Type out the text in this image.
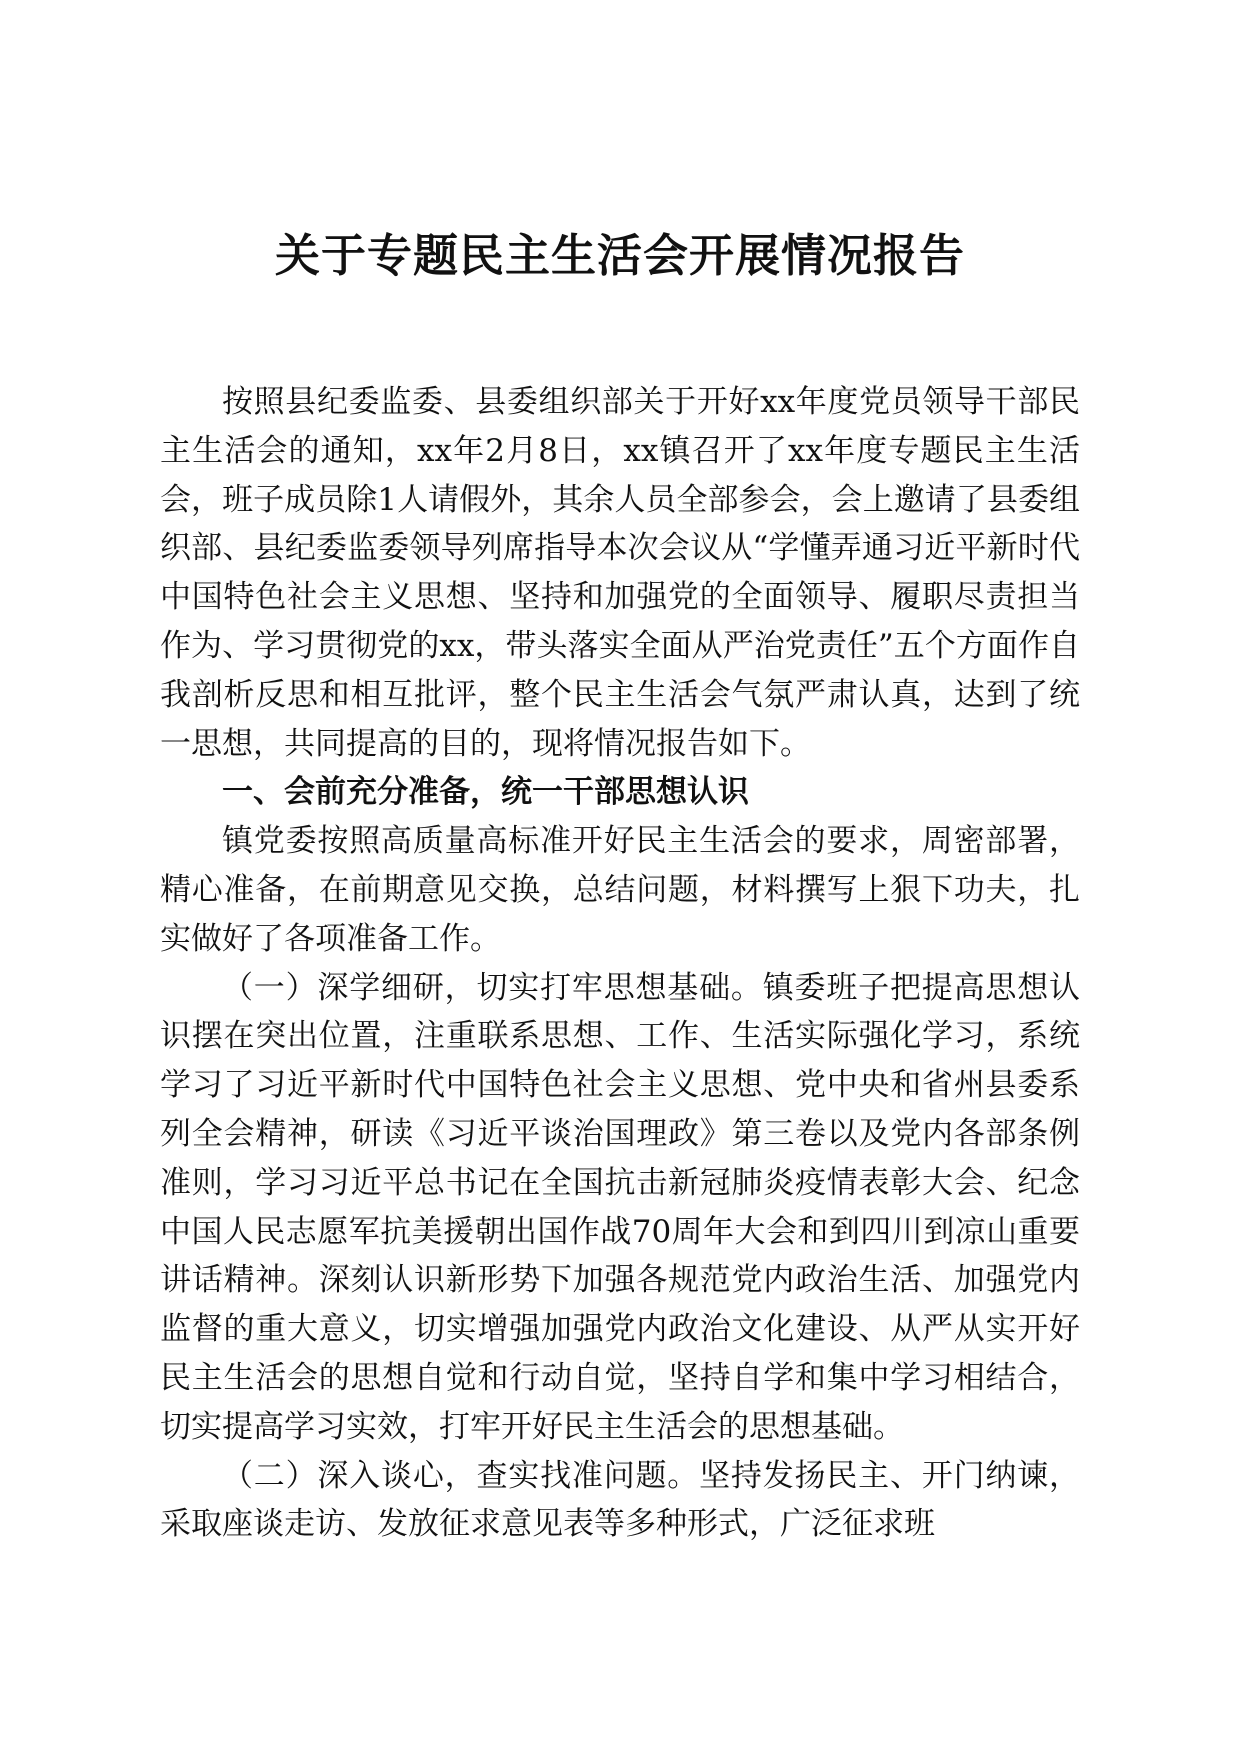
关于专题民主生活会开展情况报告

按照县纪委监委、县委组织部关于开好xx年度党员领导干部民主生活会的通知，xx年2月8日，xx镇召开了xx年度专题民主生活会，班子成员除1人请假外，其余人员全部参会，会上邀请了县委组织部、县纪委监委领导列席指导本次会议从“学懂弄通习近平新时代中国特色社会主义思想、坚持和加强党的全面领导、履职尽责担当作为、学习贯彻党的xx，带头落实全面从严治党责任”五个方面作自我剖析反思和相互批评，整个民主生活会气氛严肃认真，达到了统一思想，共同提高的目的，现将情况报告如下。

一、会前充分准备，统一干部思想认识

镇党委按照高质量高标准开好民主生活会的要求，周密部署，精心准备，在前期意见交换，总结问题，材料撰写上狠下功夫，扎实做好了各项准备工作。

（一）深学细研，切实打牢思想基础。镇委班子把提高思想认识摆在突出位置，注重联系思想、工作、生活实际强化学习，系统学习了习近平新时代中国特色社会主义思想、党中央和省州县委系列全会精神，研读《习近平谈治国理政》第三卷以及党内各部条例准则，学习习近平总书记在全国抗击新冠肺炎疫情表彰大会、纪念中国人民志愿军抗美援朝出国作战70周年大会和到四川到凉山重要讲话精神。深刻认识新形势下加强各规范党内政治生活、加强党内监督的重大意义，切实增强加强党内政治文化建设、从严从实开好民主生活会的思想自觉和行动自觉，坚持自学和集中学习相结合，切实提高学习实效，打牢开好民主生活会的思想基础。

（二）深入谈心，查实找准问题。坚持发扬民主、开门纳谏，采取座谈走访、发放征求意见表等多种形式，广泛征求班
